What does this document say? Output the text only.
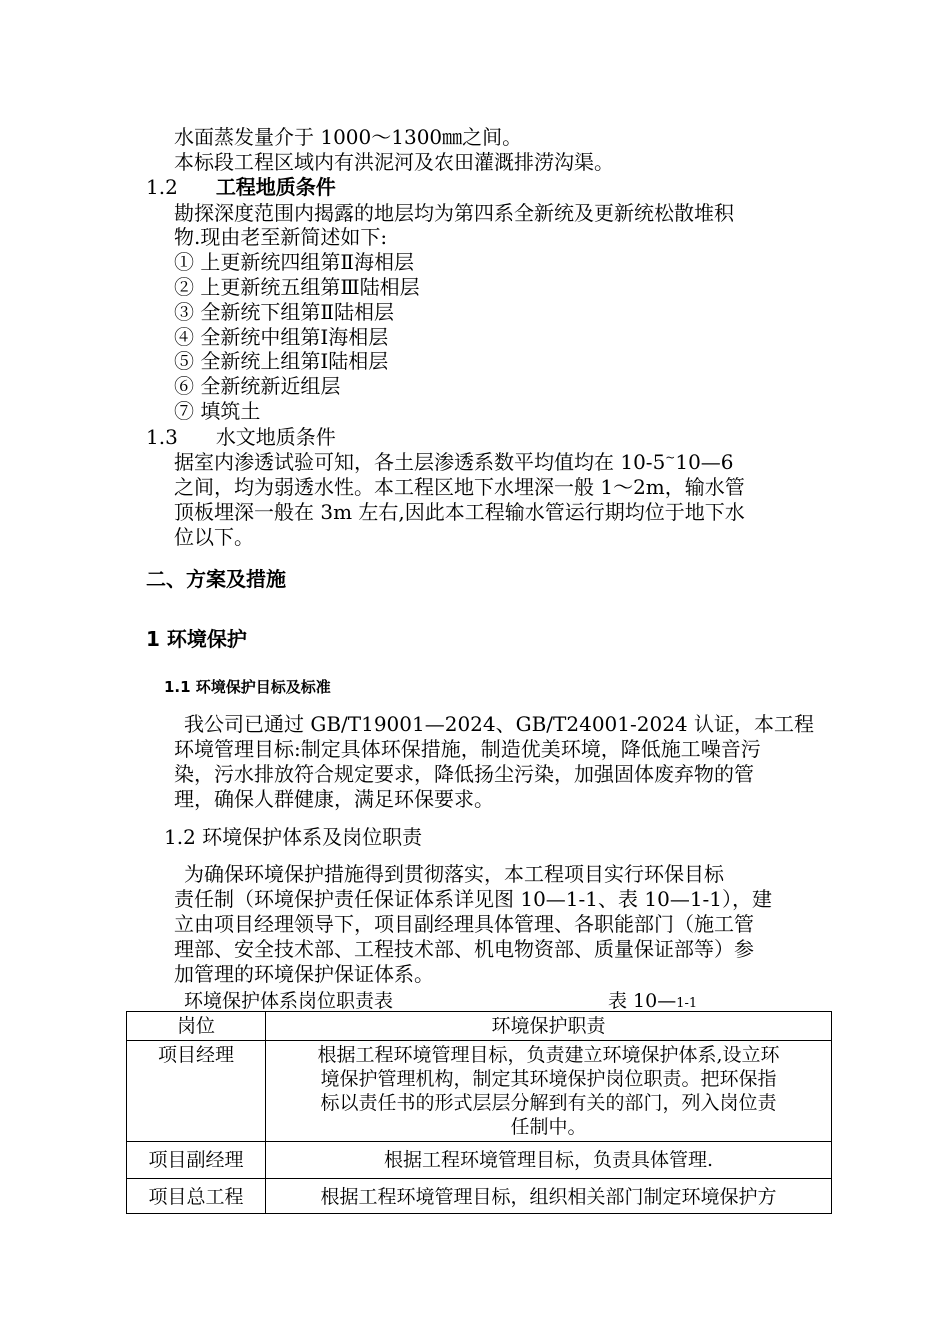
水面蒸发量介于 1000～1300㎜之间。
本标段工程区域内有洪泥河及农田灌溉排涝沟渠。
1.2 工程地质条件
勘探深度范围内揭露的地层均为第四系全新统及更新统松散堆积
物.现由老至新简述如下:
① 上更新统四组第Ⅱ海相层
② 上更新统五组第Ⅲ陆相层
③ 全新统下组第Ⅱ陆相层
④ 全新统中组第Ⅰ海相层
⑤ 全新统上组第Ⅰ陆相层
⑥ 全新统新近组层
⑦ 填筑土
1.3 水文地质条件
据室内渗透试验可知，各土层渗透系数平均值均在 10-5~10—6
之间，均为弱透水性。本工程区地下水埋深一般 1～2m，输水管
顶板埋深一般在 3m 左右,因此本工程输水管运行期均位于地下水
位以下。
二、方案及措施
1 环境保护
1.1 环境保护目标及标准
我公司已通过 GB/T19001—2024、GB/T24001-2024 认证，本工程
环境管理目标:制定具体环保措施，制造优美环境，降低施工噪音污
染，污水排放符合规定要求，降低扬尘污染，加强固体废弃物的管
理，确保人群健康，满足环保要求。
1.2 环境保护体系及岗位职责
为确保环境保护措施得到贯彻落实，本工程项目实行环保目标
责任制（环境保护责任保证体系详见图 10—1-1、表 10—1-1），建
立由项目经理领导下，项目副经理具体管理、各职能部门（施工管
理部、安全技术部、工程技术部、机电物资部、质量保证部等）参
加管理的环境保护保证体系。
环境保护体系岗位职责表	表 10—1-1
岗位	环境保护职责
项目经理	根据工程环境管理目标，负责建立环境保护体系,设立环
境保护管理机构，制定其环境保护岗位职责。把环保指
标以责任书的形式层层分解到有关的部门，列入岗位责
任制中。

项目副经理	根据工程环境管理目标，负责具体管理.

项目总工程	根据工程环境管理目标，组织相关部门制定环境保护方
